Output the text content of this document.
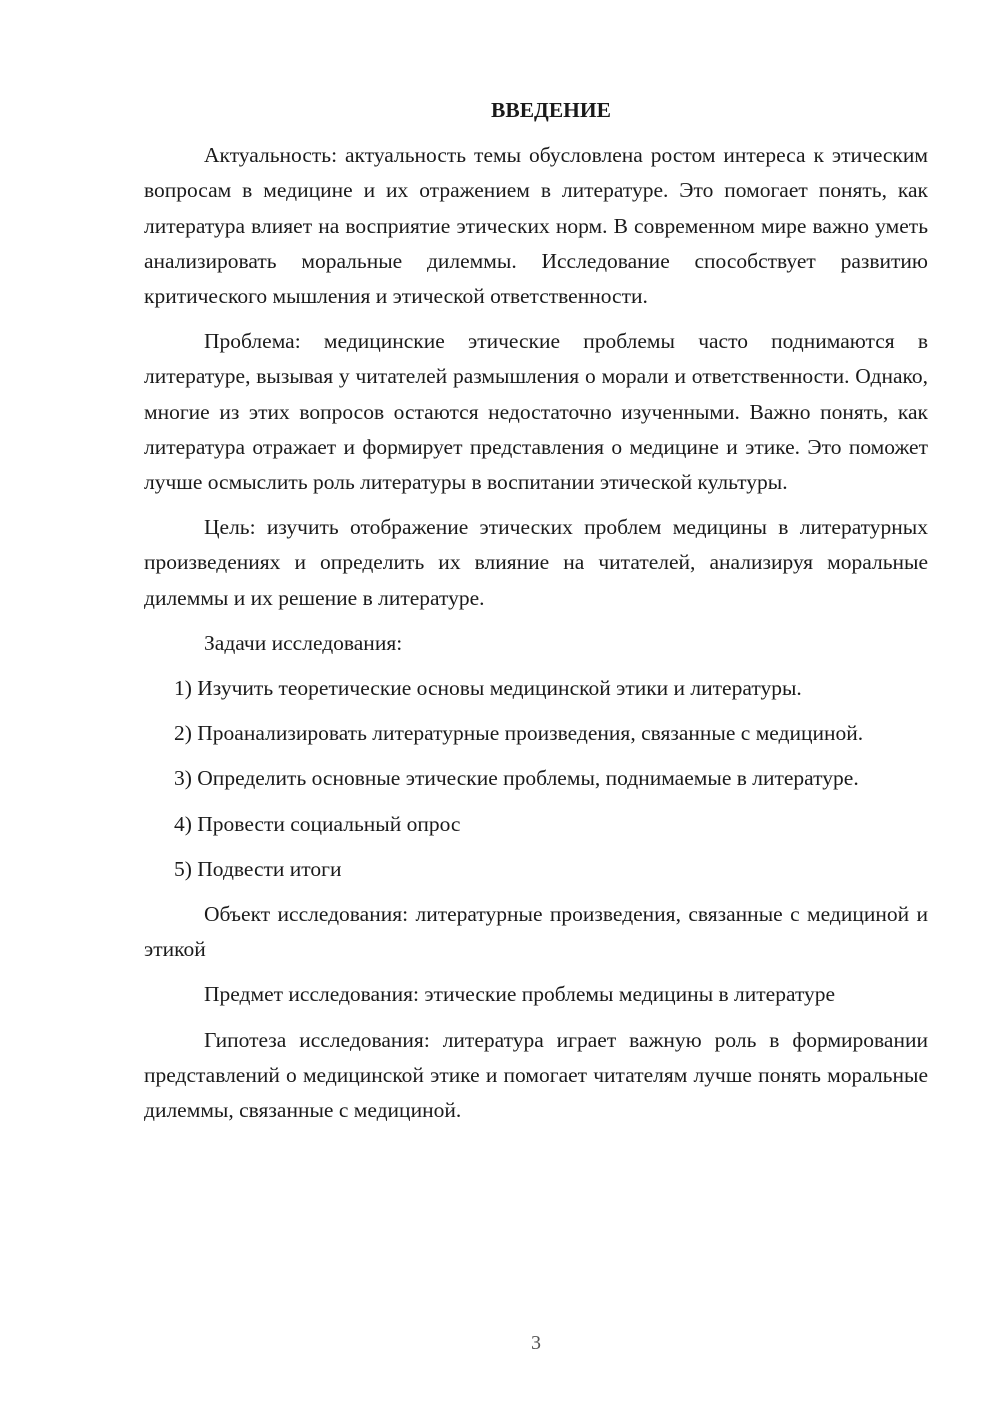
ВВЕДЕНИЕ

Актуальность: актуальность темы обусловлена ростом интереса к этическим вопросам в медицине и их отражением в литературе. Это помогает понять, как литература влияет на восприятие этических норм. В современном мире важно уметь анализировать моральные дилеммы. Исследование способствует развитию критического мышления и этической ответственности.

Проблема: медицинские этические проблемы часто поднимаются в литературе, вызывая у читателей размышления о морали и ответственности. Однако, многие из этих вопросов остаются недостаточно изученными. Важно понять, как литература отражает и формирует представления о медицине и этике. Это поможет лучше осмыслить роль литературы в воспитании этической культуры.

Цель: изучить отображение этических проблем медицины в литературных произведениях и определить их влияние на читателей, анализируя моральные дилеммы и их решение в литературе.

Задачи исследования:

1) Изучить теоретические основы медицинской этики и литературы.

2) Проанализировать литературные произведения, связанные с медициной.

3) Определить основные этические проблемы, поднимаемые в литературе.

4) Провести социальный опрос

5) Подвести итоги

Объект исследования: литературные произведения, связанные с медициной и этикой

Предмет исследования: этические проблемы медицины в литературе

Гипотеза исследования: литература играет важную роль в формировании представлений о медицинской этике и помогает читателям лучше понять моральные дилеммы, связанные с медициной.

3
